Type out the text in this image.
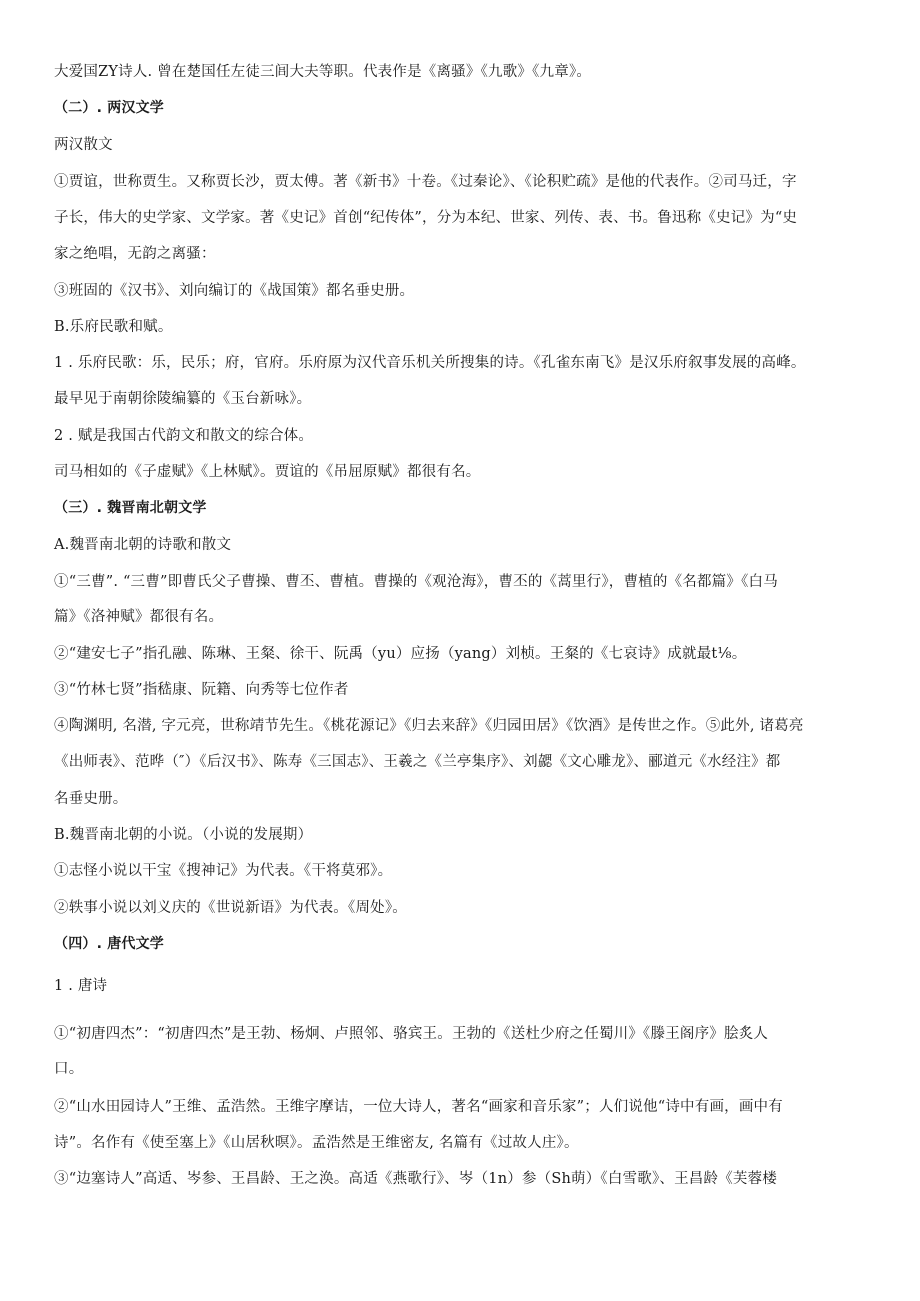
大爱国ZY诗人. 曾在楚国任左徒三闾大夫等职。代表作是《离骚》《九歌》《九章》。
（二）. 两汉文学
两汉散文
①贾谊，世称贾生。又称贾长沙，贾太傅。著《新书》十卷。《过秦论》、《论积贮疏》是他的代表作。②司马迁，字
子长，伟大的史学家、文学家。著《史记》首创“纪传体”，分为本纪、世家、列传、表、书。鲁迅称《史记》为“史
家之绝唱，无韵之离骚：
③班固的《汉书》、刘向编订的《战国策》都名垂史册。
B.乐府民歌和赋。
1 . 乐府民歌：乐，民乐；府，官府。乐府原为汉代音乐机关所搜集的诗。《孔雀东南飞》是汉乐府叙事发展的高峰。
最早见于南朝徐陵编纂的《玉台新咏》。
2 . 赋是我国古代韵文和散文的综合体。
司马相如的《子虚赋》《上林赋》。贾谊的《吊屈原赋》都很有名。
（三）. 魏晋南北朝文学
A.魏晋南北朝的诗歌和散文
①“三曹”. “三曹”即曹氏父子曹操、曹丕、曹植。曹操的《观沧海》，曹丕的《蒿里行》，曹植的《名都篇》《白马
篇》《洛神赋》都很有名。
②“建安七子”指孔融、陈琳、王粲、徐干、阮禹（yu）应扬（yang）刘桢。王粲的《七哀诗》成就最t⅛。
③“竹林七贤”指嵇康、阮籍、向秀等七位作者
④陶渊明, 名潜, 字元亮，世称靖节先生。《桃花源记》《归去来辞》《归园田居》《饮酒》是传世之作。⑤此外, 诸葛亮
《出师表》、范晔（″）《后汉书》、陈寿《三国志》、王羲之《兰亭集序》、刘勰《文心雕龙》、郦道元《水经注》都
名垂史册。
B.魏晋南北朝的小说。（小说的发展期）
①志怪小说以干宝《搜神记》为代表。《干将莫邪》。
②轶事小说以刘义庆的《世说新语》为代表。《周处》。
（四）. 唐代文学
1 . 唐诗
①“初唐四杰”：“初唐四杰”是王勃、杨炯、卢照邻、骆宾王。王勃的《送杜少府之任蜀川》《滕王阁序》脍炙人
口。
②“山水田园诗人”王维、孟浩然。王维字摩诘，一位大诗人，著名“画家和音乐家”；人们说他“诗中有画，画中有
诗”。名作有《使至塞上》《山居秋暝》。孟浩然是王维密友, 名篇有《过故人庄》。
③“边塞诗人”高适、岑参、王昌龄、王之涣。高适《燕歌行》、岑（1n）参（Sh萌）《白雪歌》、王昌龄《芙蓉楼
